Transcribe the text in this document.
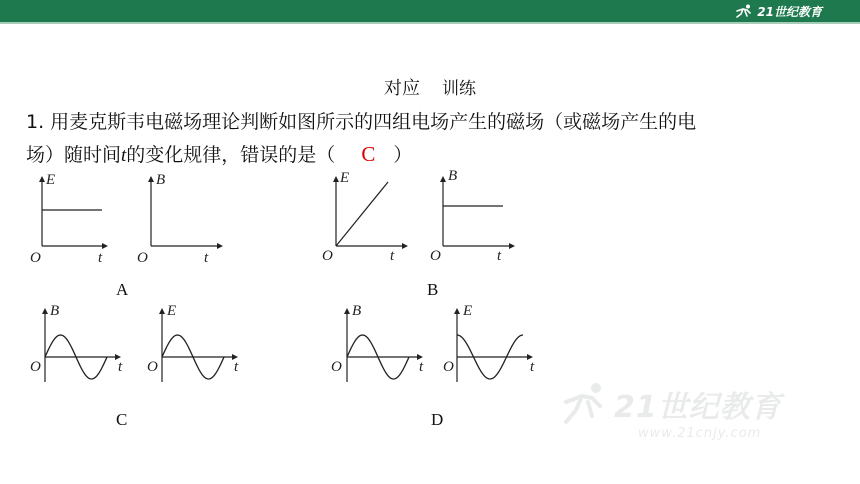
21世纪教育
21世纪教育
www.21cnjy.com
对应 训练
1. 用麦克斯韦电磁场理论判断如图所示的四组电场产生的磁场（或磁场产生的电
场）随时间t的变化规律，错误的是（ C ）
E
O	t
B
O	t
A
E
O	t
B
O	t
B
B
O	t
E
O	t
C
B
O	t
E
O	t
D
